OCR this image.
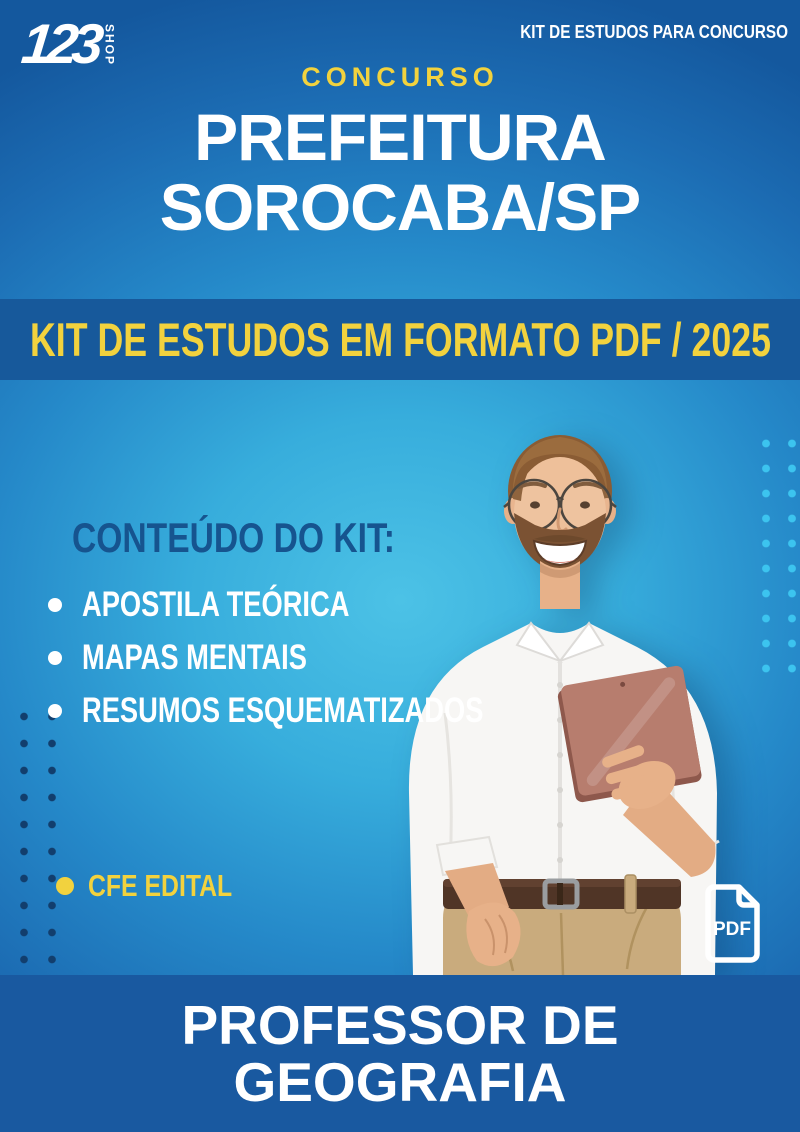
123 SHOP	KIT DE ESTUDOS PARA CONCURSO
CONCURSO
PREFEITURA
SOROCABA/SP
KIT DE ESTUDOS EM FORMATO PDF / 2025
CONTEÚDO DO KIT:
APOSTILA TEÓRICA
MAPAS MENTAIS
RESUMOS ESQUEMATIZADOS
CFE EDITAL
PDF
PROFESSOR DE
GEOGRAFIA
